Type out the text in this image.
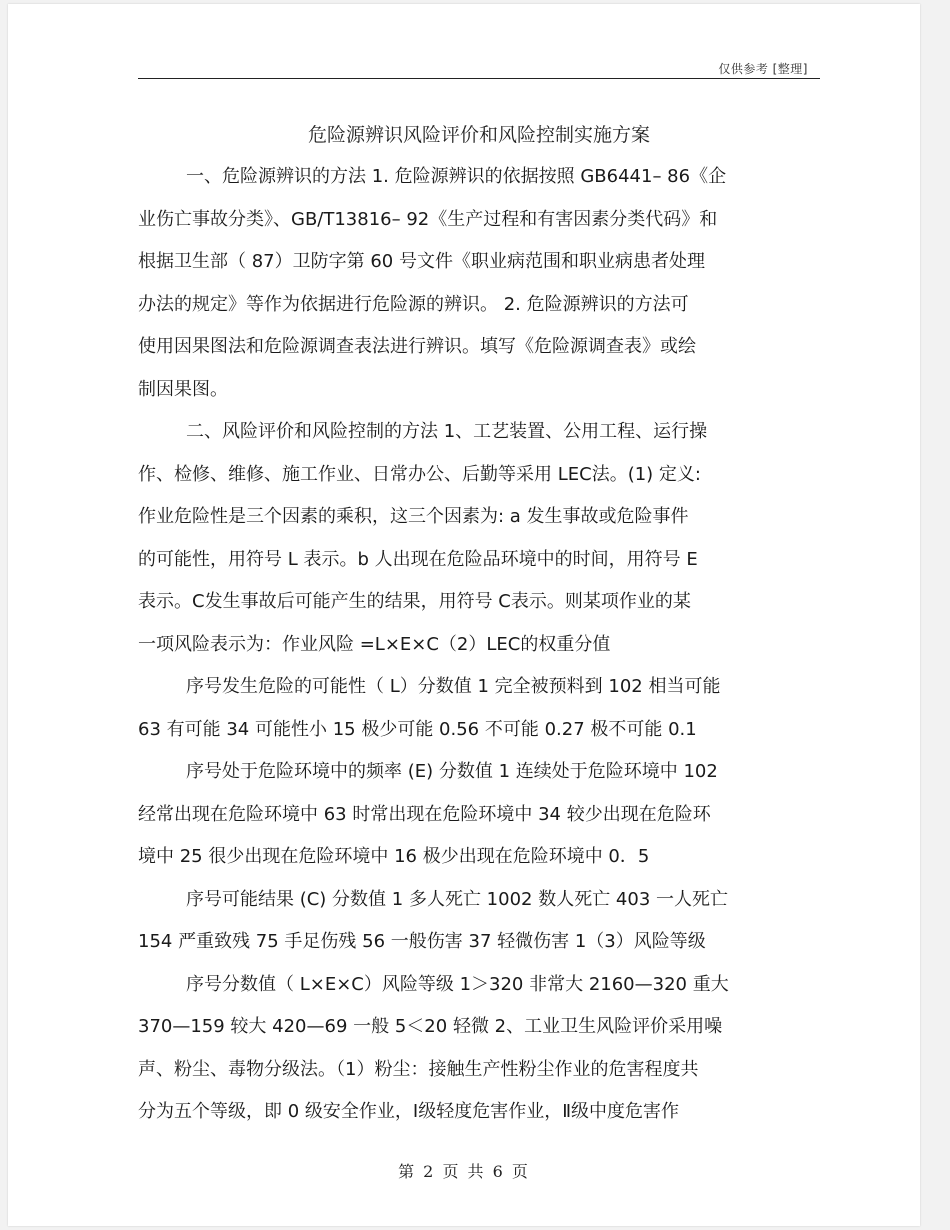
仅供参考 [整理]
危险源辨识风险评价和风险控制实施方案
一、危险源辨识的方法 1. 危险源辨识的依据按照 GB6441– 86《企
业伤亡事故分类》、GB/T13816– 92《生产过程和有害因素分类代码》和
根据卫生部（ 87）卫防字第 60 号文件《职业病范围和职业病患者处理
办法的规定》等作为依据进行危险源的辨识。 2. 危险源辨识的方法可
使用因果图法和危险源调查表法进行辨识。填写《危险源调查表》或绘
制因果图。
二、风险评价和风险控制的方法 1、工艺装置、公用工程、运行操
作、检修、维修、施工作业、日常办公、后勤等采用 LEC法。(1) 定义:
作业危险性是三个因素的乘积，这三个因素为: a 发生事故或危险事件
的可能性，用符号 L 表示。b 人出现在危险品环境中的时间，用符号 E
表示。C发生事故后可能产生的结果，用符号 C表示。则某项作业的某
一项风险表示为：作业风险 =L×E×C（2）LEC的权重分值
序号发生危险的可能性（ L）分数值 1 完全被预料到 102 相当可能
63 有可能 34 可能性小 15 极少可能 0.56 不可能 0.27 极不可能 0.1
序号处于危险环境中的频率 (E) 分数值 1 连续处于危险环境中 102
经常出现在危险环境中 63 时常出现在危险环境中 34 较少出现在危险环
境中 25 很少出现在危险环境中 16 极少出现在危险环境中 0．5
序号可能结果 (C) 分数值 1 多人死亡 1002 数人死亡 403 一人死亡
154 严重致残 75 手足伤残 56 一般伤害 37 轻微伤害 1（3）风险等级
序号分数值（ L×E×C）风险等级 1＞320 非常大 2160—320 重大
370—159 较大 420—69 一般 5＜20 轻微 2、工业卫生风险评价采用噪
声、粉尘、毒物分级法。（1）粉尘：接触生产性粉尘作业的危害程度共
分为五个等级，即 0 级安全作业，Ⅰ级轻度危害作业，Ⅱ级中度危害作
第 2 页 共 6 页
